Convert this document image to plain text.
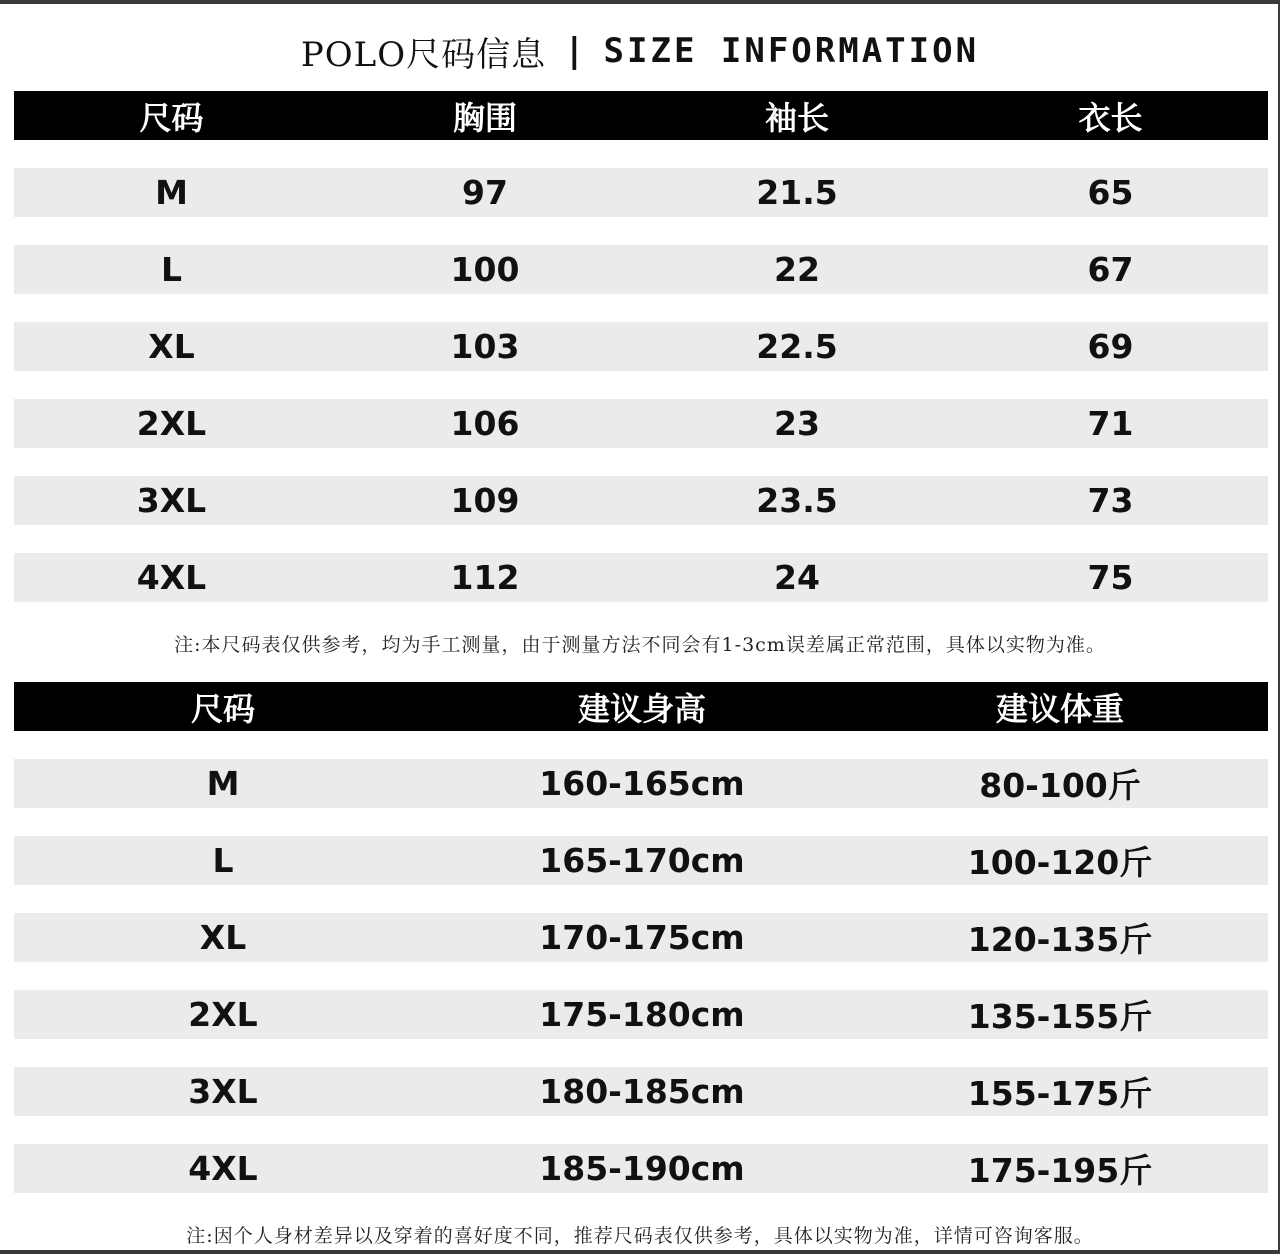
POLO尺码信息 | SIZE INFORMATION
尺码	胸围	袖长	衣长
M	97	21.5	65
L	100	22	67
XL	103	22.5	69
2XL	106	23	71
3XL	109	23.5	73
4XL	112	24	75
注:本尺码表仅供参考，均为手工测量，由于测量方法不同会有1-3cm误差属正常范围，具体以实物为准。
尺码	建议身高	建议体重
M	160-165cm	80-100斤
L	165-170cm	100-120斤
XL	170-175cm	120-135斤
2XL	175-180cm	135-155斤
3XL	180-185cm	155-175斤
4XL	185-190cm	175-195斤
注:因个人身材差异以及穿着的喜好度不同，推荐尺码表仅供参考，具体以实物为准，详情可咨询客服。
